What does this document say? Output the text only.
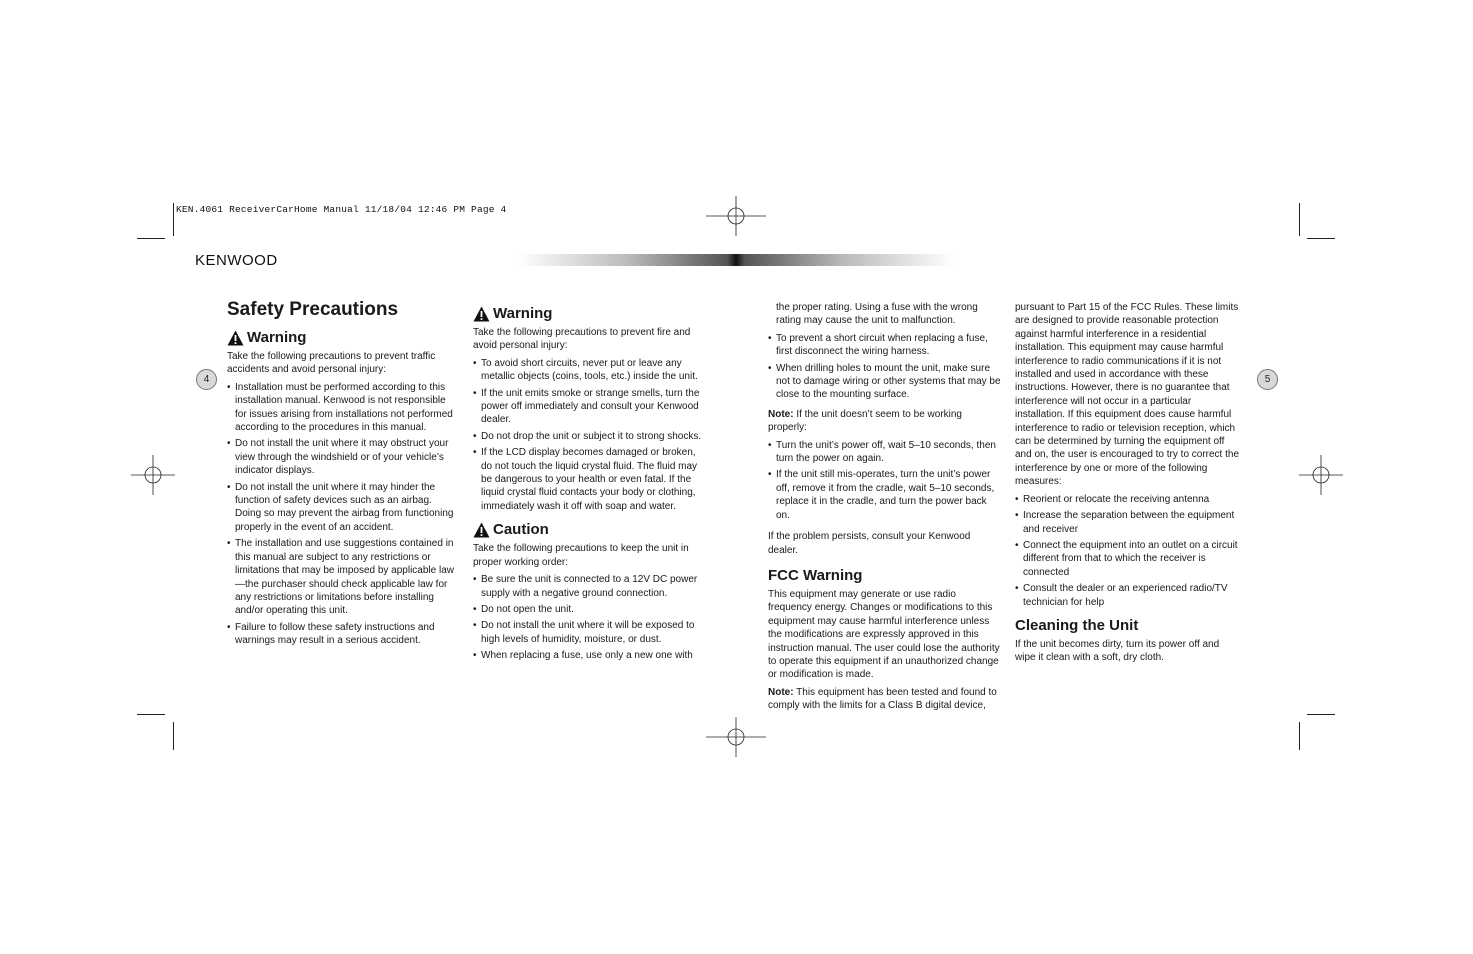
KEN.4061 ReceiverCarHome Manual 11/18/04 12:46 PM Page 4
KENWOOD
4	5
Safety Precautions
Warning

Take the following precautions to prevent traffic accidents and avoid personal injury:

• Installation must be performed according to this installation manual. Kenwood is not responsible for issues arising from installations not performed according to the procedures in this manual.
• Do not install the unit where it may obstruct your view through the windshield or of your vehicle’s indicator displays.
• Do not install the unit where it may hinder the function of safety devices such as an airbag. Doing so may prevent the airbag from functioning properly in the event of an accident.
• The installation and use suggestions contained in this manual are subject to any restrictions or limitations that may be imposed by applicable law—the purchaser should check applicable law for any restrictions or limitations before installing and/or operating this unit.
• Failure to follow these safety instructions and warnings may result in a serious accident.
Warning

Take the following precautions to prevent fire and avoid personal injury:

• To avoid short circuits, never put or leave any metallic objects (coins, tools, etc.) inside the unit.
• If the unit emits smoke or strange smells, turn the power off immediately and consult your Kenwood dealer.
• Do not drop the unit or subject it to strong shocks.
• If the LCD display becomes damaged or broken, do not touch the liquid crystal fluid. The fluid may be dangerous to your health or even fatal. If the liquid crystal fluid contacts your body or clothing, immediately wash it off with soap and water.
Caution

Take the following precautions to keep the unit in proper working order:

• Be sure the unit is connected to a 12V DC power supply with a negative ground connection.
• Do not open the unit.
• Do not install the unit where it will be exposed to high levels of humidity, moisture, or dust.
• When replacing a fuse, use only a new one with

the proper rating. Using a fuse with the wrong rating may cause the unit to malfunction.

• To prevent a short circuit when replacing a fuse, first disconnect the wiring harness.
• When drilling holes to mount the unit, make sure not to damage wiring or other systems that may be close to the mounting surface.

Note: If the unit doesn’t seem to be working properly:

• Turn the unit’s power off, wait 5–10 seconds, then turn the power on again.
• If the unit still mis-operates, turn the unit’s power off, remove it from the cradle, wait 5–10 seconds, replace it in the cradle, and turn the power back on.

If the problem persists, consult your Kenwood dealer.

FCC Warning

This equipment may generate or use radio frequency energy. Changes or modifications to this equipment may cause harmful interference unless the modifications are expressly approved in this instruction manual. The user could lose the authority to operate this equipment if an unauthorized change or modification is made.

Note: This equipment has been tested and found to comply with the limits for a Class B digital device,

pursuant to Part 15 of the FCC Rules. These limits are designed to provide reasonable protection against harmful interference in a residential installation. This equipment may cause harmful interference to radio communications if it is not installed and used in accordance with these instructions. However, there is no guarantee that interference will not occur in a particular installation. If this equipment does cause harmful interference to radio or television reception, which can be determined by turning the equipment off and on, the user is encouraged to try to correct the interference by one or more of the following measures:

• Reorient or relocate the receiving antenna
• Increase the separation between the equipment and receiver
• Connect the equipment into an outlet on a circuit different from that to which the receiver is connected
• Consult the dealer or an experienced radio/TV technician for help
Cleaning the Unit

If the unit becomes dirty, turn its power off and wipe it clean with a soft, dry cloth.
